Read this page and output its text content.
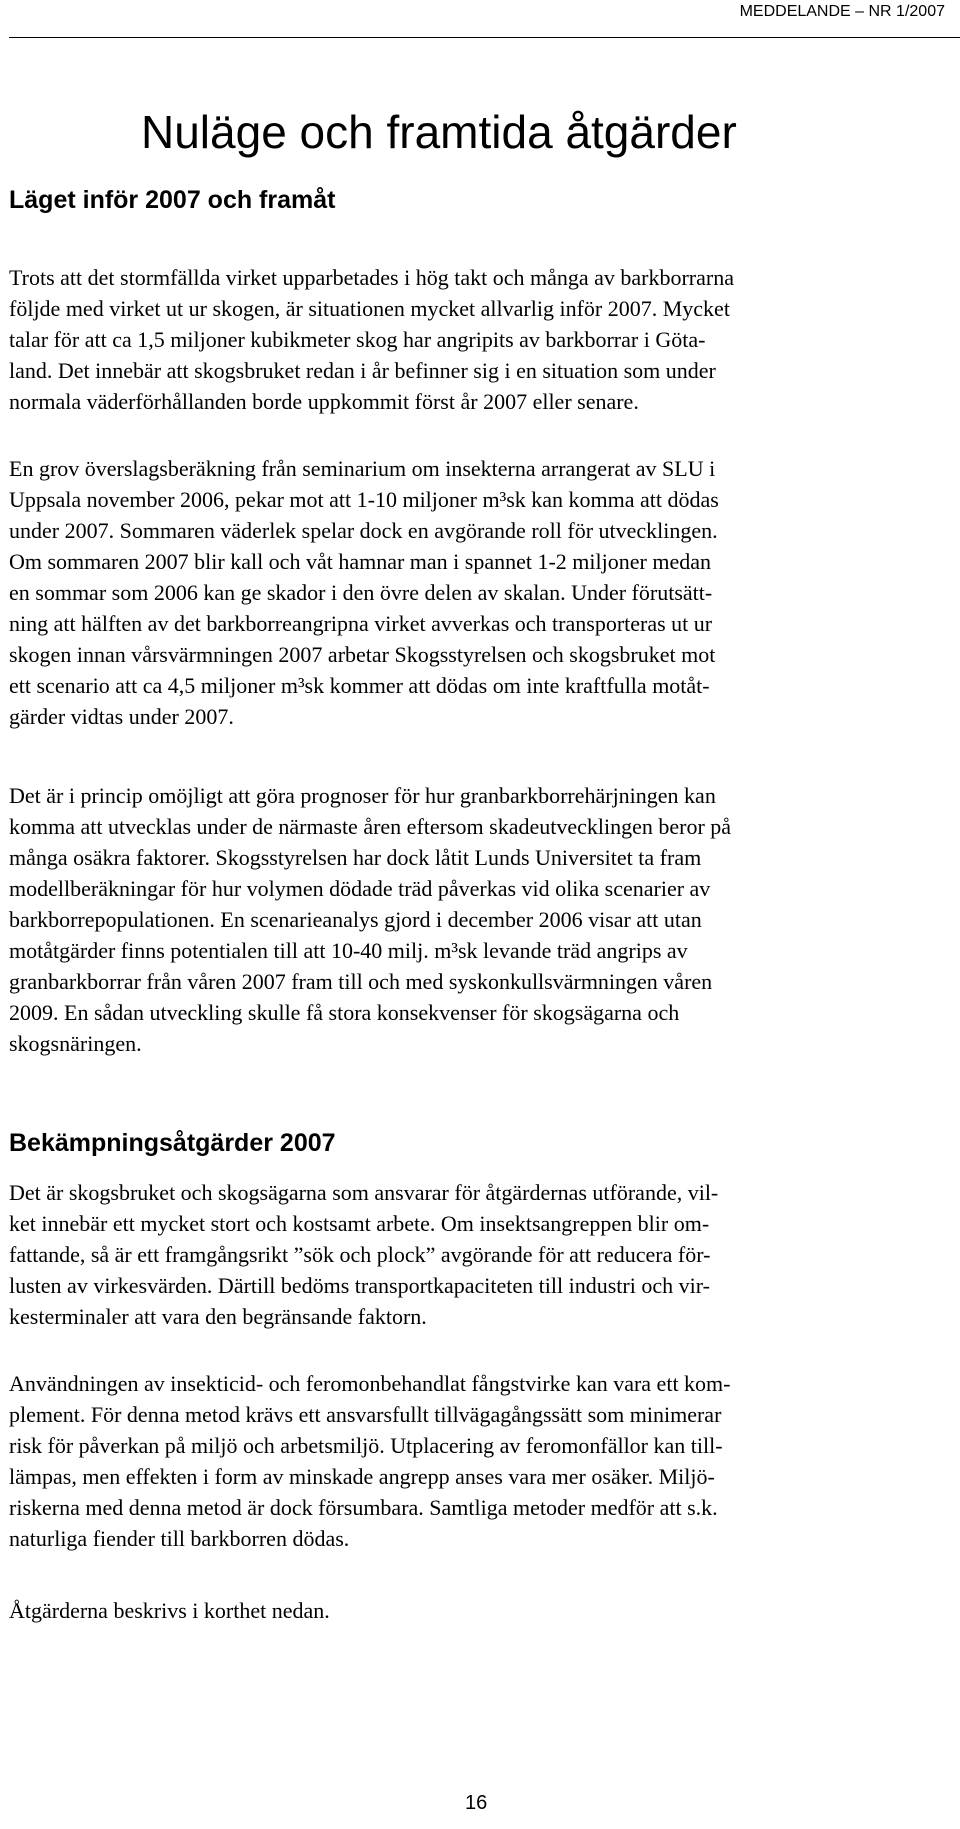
MEDDELANDE – NR 1/2007
Nuläge och framtida åtgärder
Läget inför 2007 och framåt

Trots att det stormfällda virket upparbetades i hög takt och många av barkborrarna
följde med virket ut ur skogen, är situationen mycket allvarlig inför 2007. Mycket
talar för att ca 1,5 miljoner kubikmeter skog har angripits av barkborrar i Göta-
land. Det innebär att skogsbruket redan i år befinner sig i en situation som under
normala väderförhållanden borde uppkommit först år 2007 eller senare.

En grov överslagsberäkning från seminarium om insekterna arrangerat av SLU i
Uppsala november 2006, pekar mot att 1-10 miljoner m³sk kan komma att dödas
under 2007. Sommaren väderlek spelar dock en avgörande roll för utvecklingen.
Om sommaren 2007 blir kall och våt hamnar man i spannet 1-2 miljoner medan
en sommar som 2006 kan ge skador i den övre delen av skalan. Under förutsätt-
ning att hälften av det barkborreangripna virket avverkas och transporteras ut ur
skogen innan vårsvärmningen 2007 arbetar Skogsstyrelsen och skogsbruket mot
ett scenario att ca 4,5 miljoner m³sk kommer att dödas om inte kraftfulla motåt-
gärder vidtas under 2007.

Det är i princip omöjligt att göra prognoser för hur granbarkborrehärjningen kan
komma att utvecklas under de närmaste åren eftersom skadeutvecklingen beror på
många osäkra faktorer. Skogsstyrelsen har dock låtit Lunds Universitet ta fram
modellberäkningar för hur volymen dödade träd påverkas vid olika scenarier av
barkborrepopulationen. En scenarieanalys gjord i december 2006 visar att utan
motåtgärder finns potentialen till att 10-40 milj. m³sk levande träd angrips av
granbarkborrar från våren 2007 fram till och med syskonkullsvärmningen våren
2009. En sådan utveckling skulle få stora konsekvenser för skogsägarna och
skogsnäringen.

Bekämpningsåtgärder 2007

Det är skogsbruket och skogsägarna som ansvarar för åtgärdernas utförande, vil-
ket innebär ett mycket stort och kostsamt arbete. Om insektsangreppen blir om-
fattande, så är ett framgångsrikt ”sök och plock” avgörande för att reducera för-
lusten av virkesvärden. Därtill bedöms transportkapaciteten till industri och vir-
kesterminaler att vara den begränsande faktorn.

Användningen av insekticid- och feromonbehandlat fångstvirke kan vara ett kom-
plement. För denna metod krävs ett ansvarsfullt tillvägagångssätt som minimerar
risk för påverkan på miljö och arbetsmiljö. Utplacering av feromonfällor kan till-
lämpas, men effekten i form av minskade angrepp anses vara mer osäker. Miljö-
riskerna med denna metod är dock försumbara. Samtliga metoder medför att s.k.
naturliga fiender till barkborren dödas.

Åtgärderna beskrivs i korthet nedan.

16
